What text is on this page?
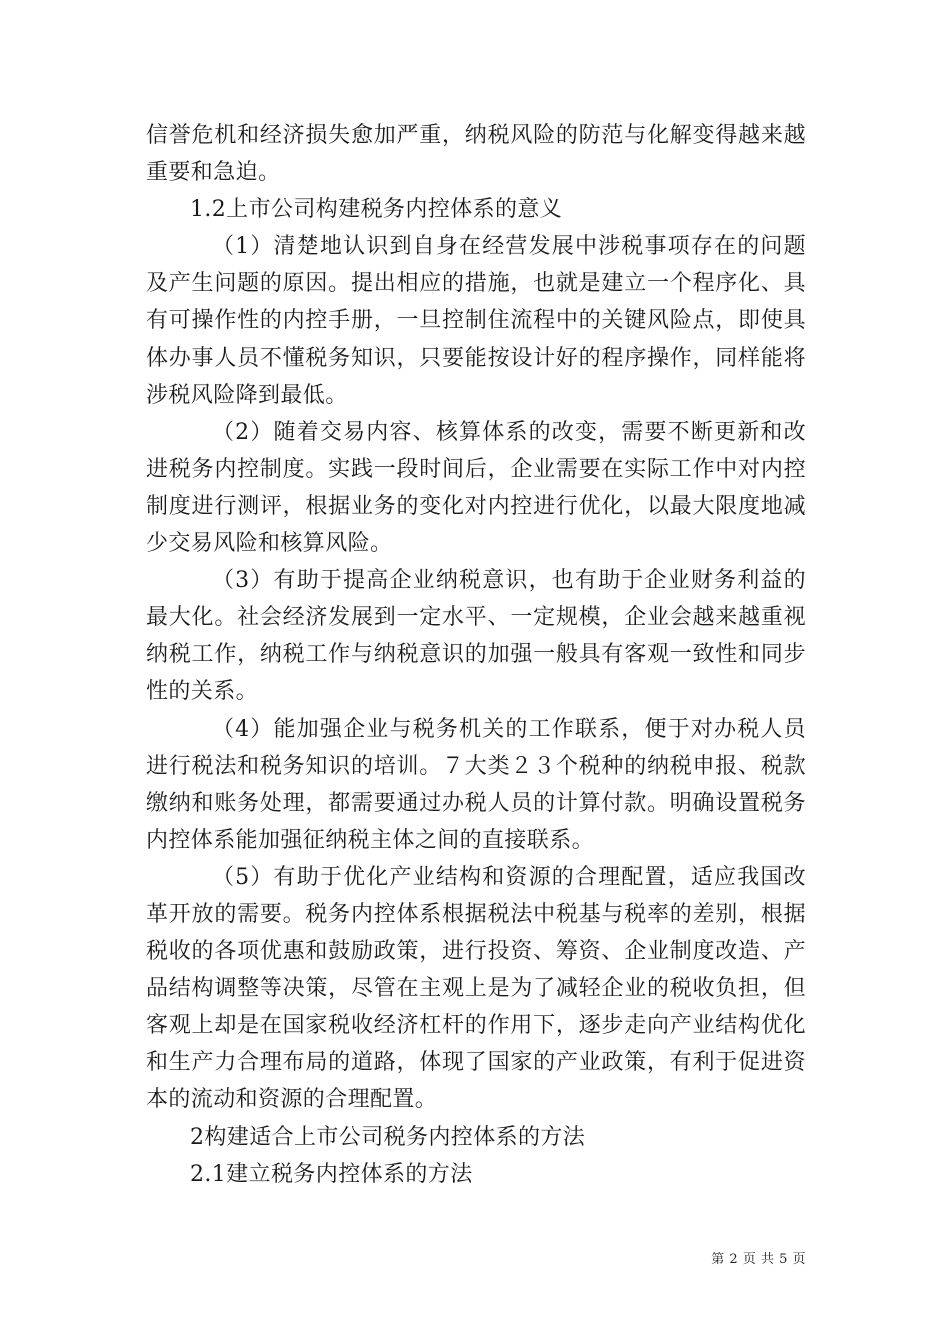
信誉危机和经济损失愈加严重，纳税风险的防范与化解变得越来越重要和急迫。

1.2上市公司构建税务内控体系的意义

（1）清楚地认识到自身在经营发展中涉税事项存在的问题及产生问题的原因。提出相应的措施，也就是建立一个程序化、具有可操作性的内控手册，一旦控制住流程中的关键风险点，即使具体办事人员不懂税务知识，只要能按设计好的程序操作，同样能将涉税风险降到最低。

（2）随着交易内容、核算体系的改变，需要不断更新和改进税务内控制度。实践一段时间后，企业需要在实际工作中对内控制度进行测评，根据业务的变化对内控进行优化，以最大限度地减少交易风险和核算风险。

（3）有助于提高企业纳税意识，也有助于企业财务利益的最大化。社会经济发展到一定水平、一定规模，企业会越来越重视纳税工作，纳税工作与纳税意识的加强一般具有客观一致性和同步性的关系。

（4）能加强企业与税务机关的工作联系，便于对办税人员进行税法和税务知识的培训。７大类２３个税种的纳税申报、税款缴纳和账务处理，都需要通过办税人员的计算付款。明确设置税务内控体系能加强征纳税主体之间的直接联系。

（5）有助于优化产业结构和资源的合理配置，适应我国改革开放的需要。税务内控体系根据税法中税基与税率的差别，根据税收的各项优惠和鼓励政策，进行投资、筹资、企业制度改造、产品结构调整等决策，尽管在主观上是为了减轻企业的税收负担，但客观上却是在国家税收经济杠杆的作用下，逐步走向产业结构优化和生产力合理布局的道路，体现了国家的产业政策，有利于促进资本的流动和资源的合理配置。

2构建适合上市公司税务内控体系的方法

2.1建立税务内控体系的方法

第 2 页 共 5 页
